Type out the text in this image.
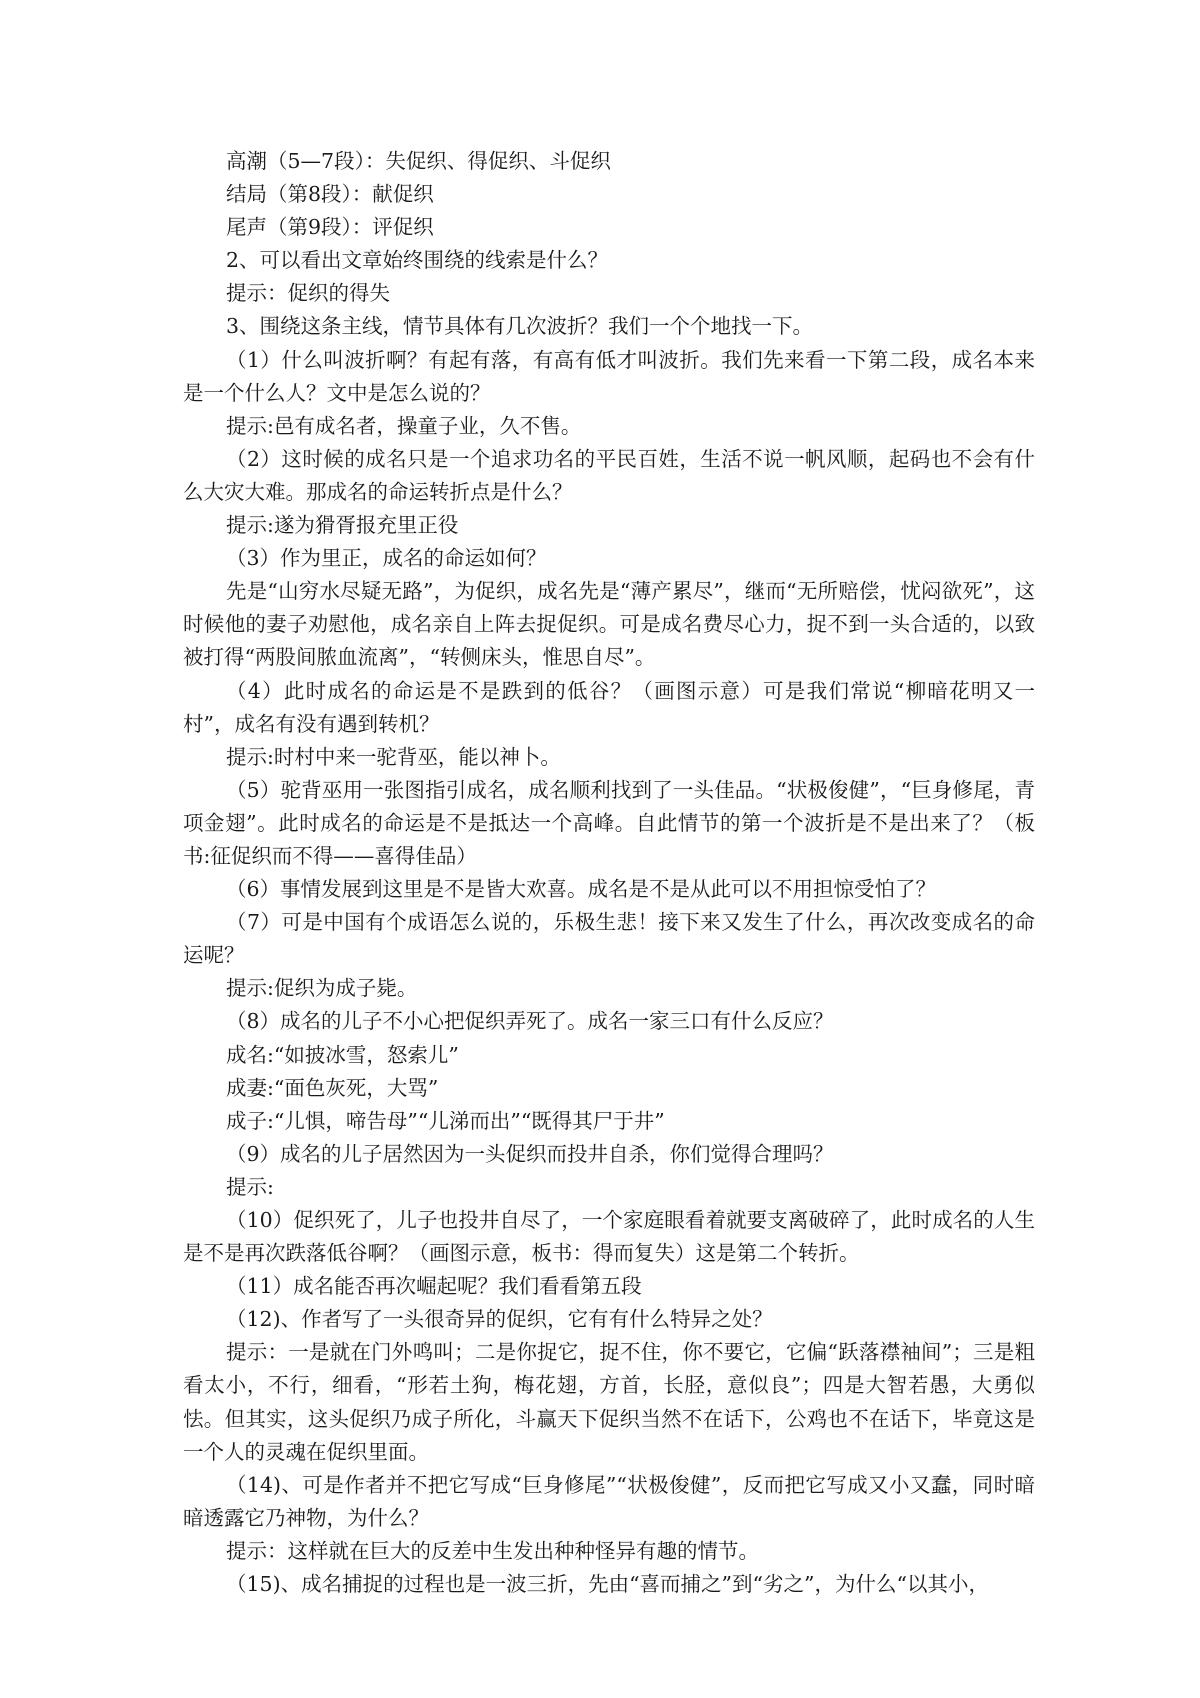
高潮（5—7段）：失促织、得促织、斗促织

结局（第8段）：献促织

尾声（第9段）：评促织

2、可以看出文章始终围绕的线索是什么？

提示：促织的得失

3、围绕这条主线，情节具体有几次波折？我们一个个地找一下。

（1）什么叫波折啊？有起有落，有高有低才叫波折。我们先来看一下第二段，成名本来是一个什么人？文中是怎么说的？

提示:邑有成名者，操童子业，久不售。

（2）这时候的成名只是一个追求功名的平民百姓，生活不说一帆风顺，起码也不会有什么大灾大难。那成名的命运转折点是什么？

提示:遂为猾胥报充里正役

（3）作为里正，成名的命运如何？

先是“山穷水尽疑无路”，为促织，成名先是“薄产累尽”，继而“无所赔偿，忧闷欲死”，这时候他的妻子劝慰他，成名亲自上阵去捉促织。可是成名费尽心力，捉不到一头合适的，以致被打得“两股间脓血流离”，“转侧床头，惟思自尽”。

（4）此时成名的命运是不是跌到的低谷？（画图示意）可是我们常说“柳暗花明又一村”，成名有没有遇到转机？

提示:时村中来一驼背巫，能以神卜。

（5）驼背巫用一张图指引成名，成名顺利找到了一头佳品。“状极俊健”，“巨身修尾，青项金翅”。此时成名的命运是不是抵达一个高峰。自此情节的第一个波折是不是出来了？（板书:征促织而不得——喜得佳品）

（6）事情发展到这里是不是皆大欢喜。成名是不是从此可以不用担惊受怕了？

（7）可是中国有个成语怎么说的，乐极生悲！接下来又发生了什么，再次改变成名的命运呢？

提示:促织为成子毙。

（8）成名的儿子不小心把促织弄死了。成名一家三口有什么反应？

成名:“如披冰雪，怒索儿”

成妻:“面色灰死，大骂”

成子:“儿惧，啼告母”“儿涕而出”“既得其尸于井”

（9）成名的儿子居然因为一头促织而投井自杀，你们觉得合理吗？

提示:

（10）促织死了，儿子也投井自尽了，一个家庭眼看着就要支离破碎了，此时成名的人生是不是再次跌落低谷啊？（画图示意，板书：得而复失）这是第二个转折。

（11）成名能否再次崛起呢？我们看看第五段

（12)、作者写了一头很奇异的促织，它有有什么特异之处？

提示：一是就在门外鸣叫；二是你捉它，捉不住，你不要它，它偏“跃落襟袖间”；三是粗看太小，不行，细看，“形若土狗，梅花翅，方首，长胫，意似良”；四是大智若愚，大勇似怯。但其实，这头促织乃成子所化，斗赢天下促织当然不在话下，公鸡也不在话下，毕竟这是一个人的灵魂在促织里面。

（14)、可是作者并不把它写成“巨身修尾”“状极俊健”，反而把它写成又小又蠢，同时暗暗透露它乃神物，为什么？

提示：这样就在巨大的反差中生发出种种怪异有趣的情节。

（15)、成名捕捉的过程也是一波三折，先由“喜而捕之”到“劣之”，为什么“以其小，
